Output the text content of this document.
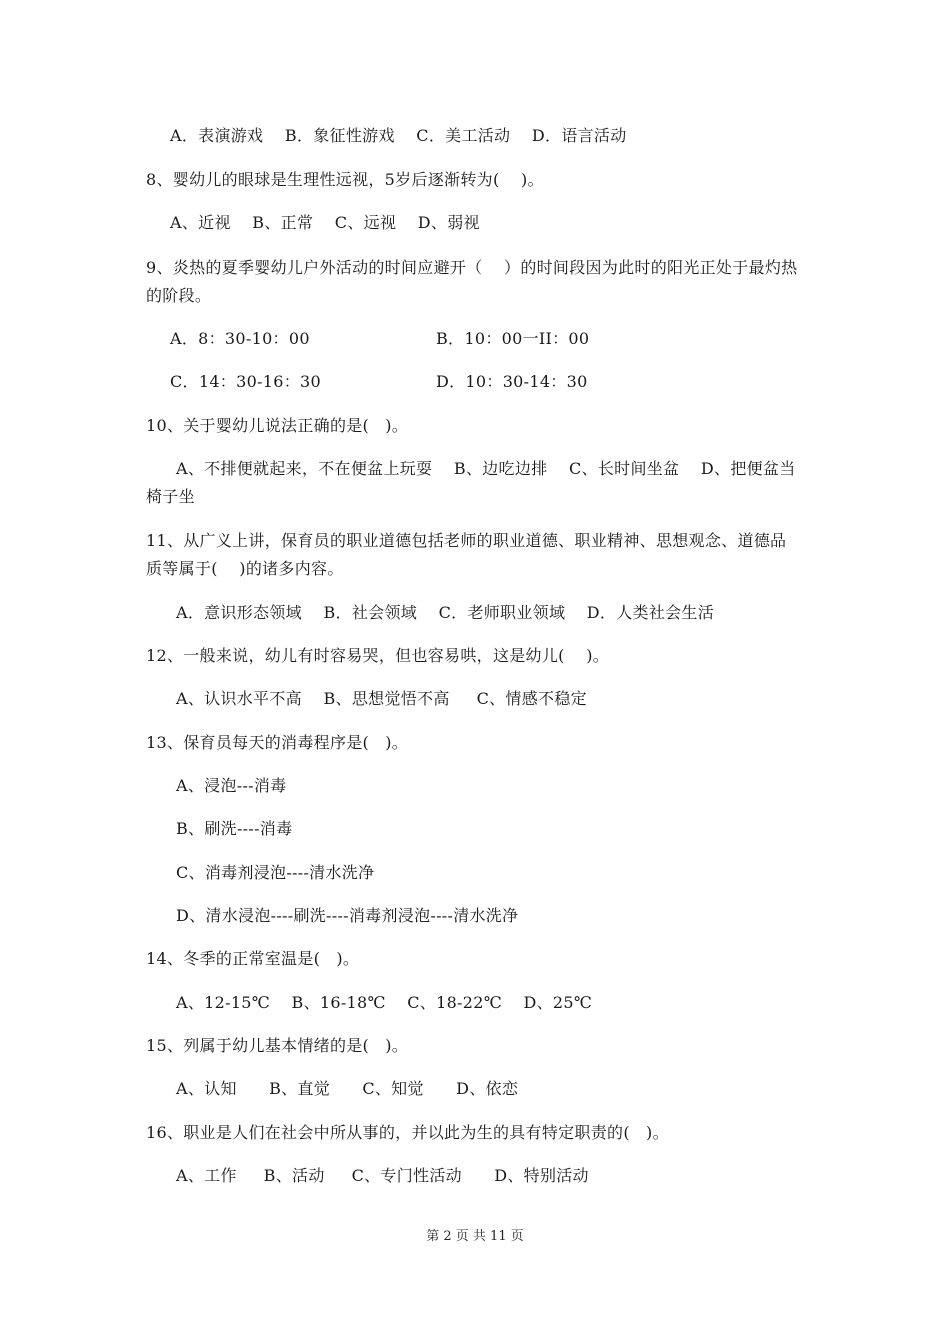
A．表演游戏    B．象征性游戏    C．美工活动    D．语言活动
8、婴幼儿的眼球是生理性远视，5岁后逐渐转为(    )。
A、近视    B、正常    C、远视    D、弱视
9、炎热的夏季婴幼儿户外活动的时间应避开（    ）的时间段因为此时的阳光正处于最灼热
的阶段。
A．8：30-10：00	B．10：00一II：00
C．14：30-16：30	D．10：30-14：30
10、关于婴幼儿说法正确的是(   )。
A、不排便就起来，不在便盆上玩耍    B、边吃边排    C、长时间坐盆    D、把便盆当
椅子坐
11、从广义上讲，保育员的职业道德包括老师的职业道德、职业精神、思想观念、道德品
质等属于(    )的诸多内容。
A．意识形态领域    B．社会领域    C．老师职业领域    D．人类社会生活
12、一般来说，幼儿有时容易哭，但也容易哄，这是幼儿(    )。
A、认识水平不高    B、思想觉悟不高     C、情感不稳定
13、保育员每天的消毒程序是(   )。
A、浸泡---消毒
B、刷洗----消毒
C、消毒剂浸泡----清水洗净
D、清水浸泡----刷洗----消毒剂浸泡----清水洗净
14、冬季的正常室温是(   )。
A、12-15℃    B、16-18℃    C、18-22℃    D、25℃
15、列属于幼儿基本情绪的是(   )。
A、认知      B、直觉      C、知觉      D、依恋
16、职业是人们在社会中所从事的，并以此为生的具有特定职责的(   )。
A、工作     B、活动     C、专门性活动      D、特别活动
第 2 页 共 11 页
